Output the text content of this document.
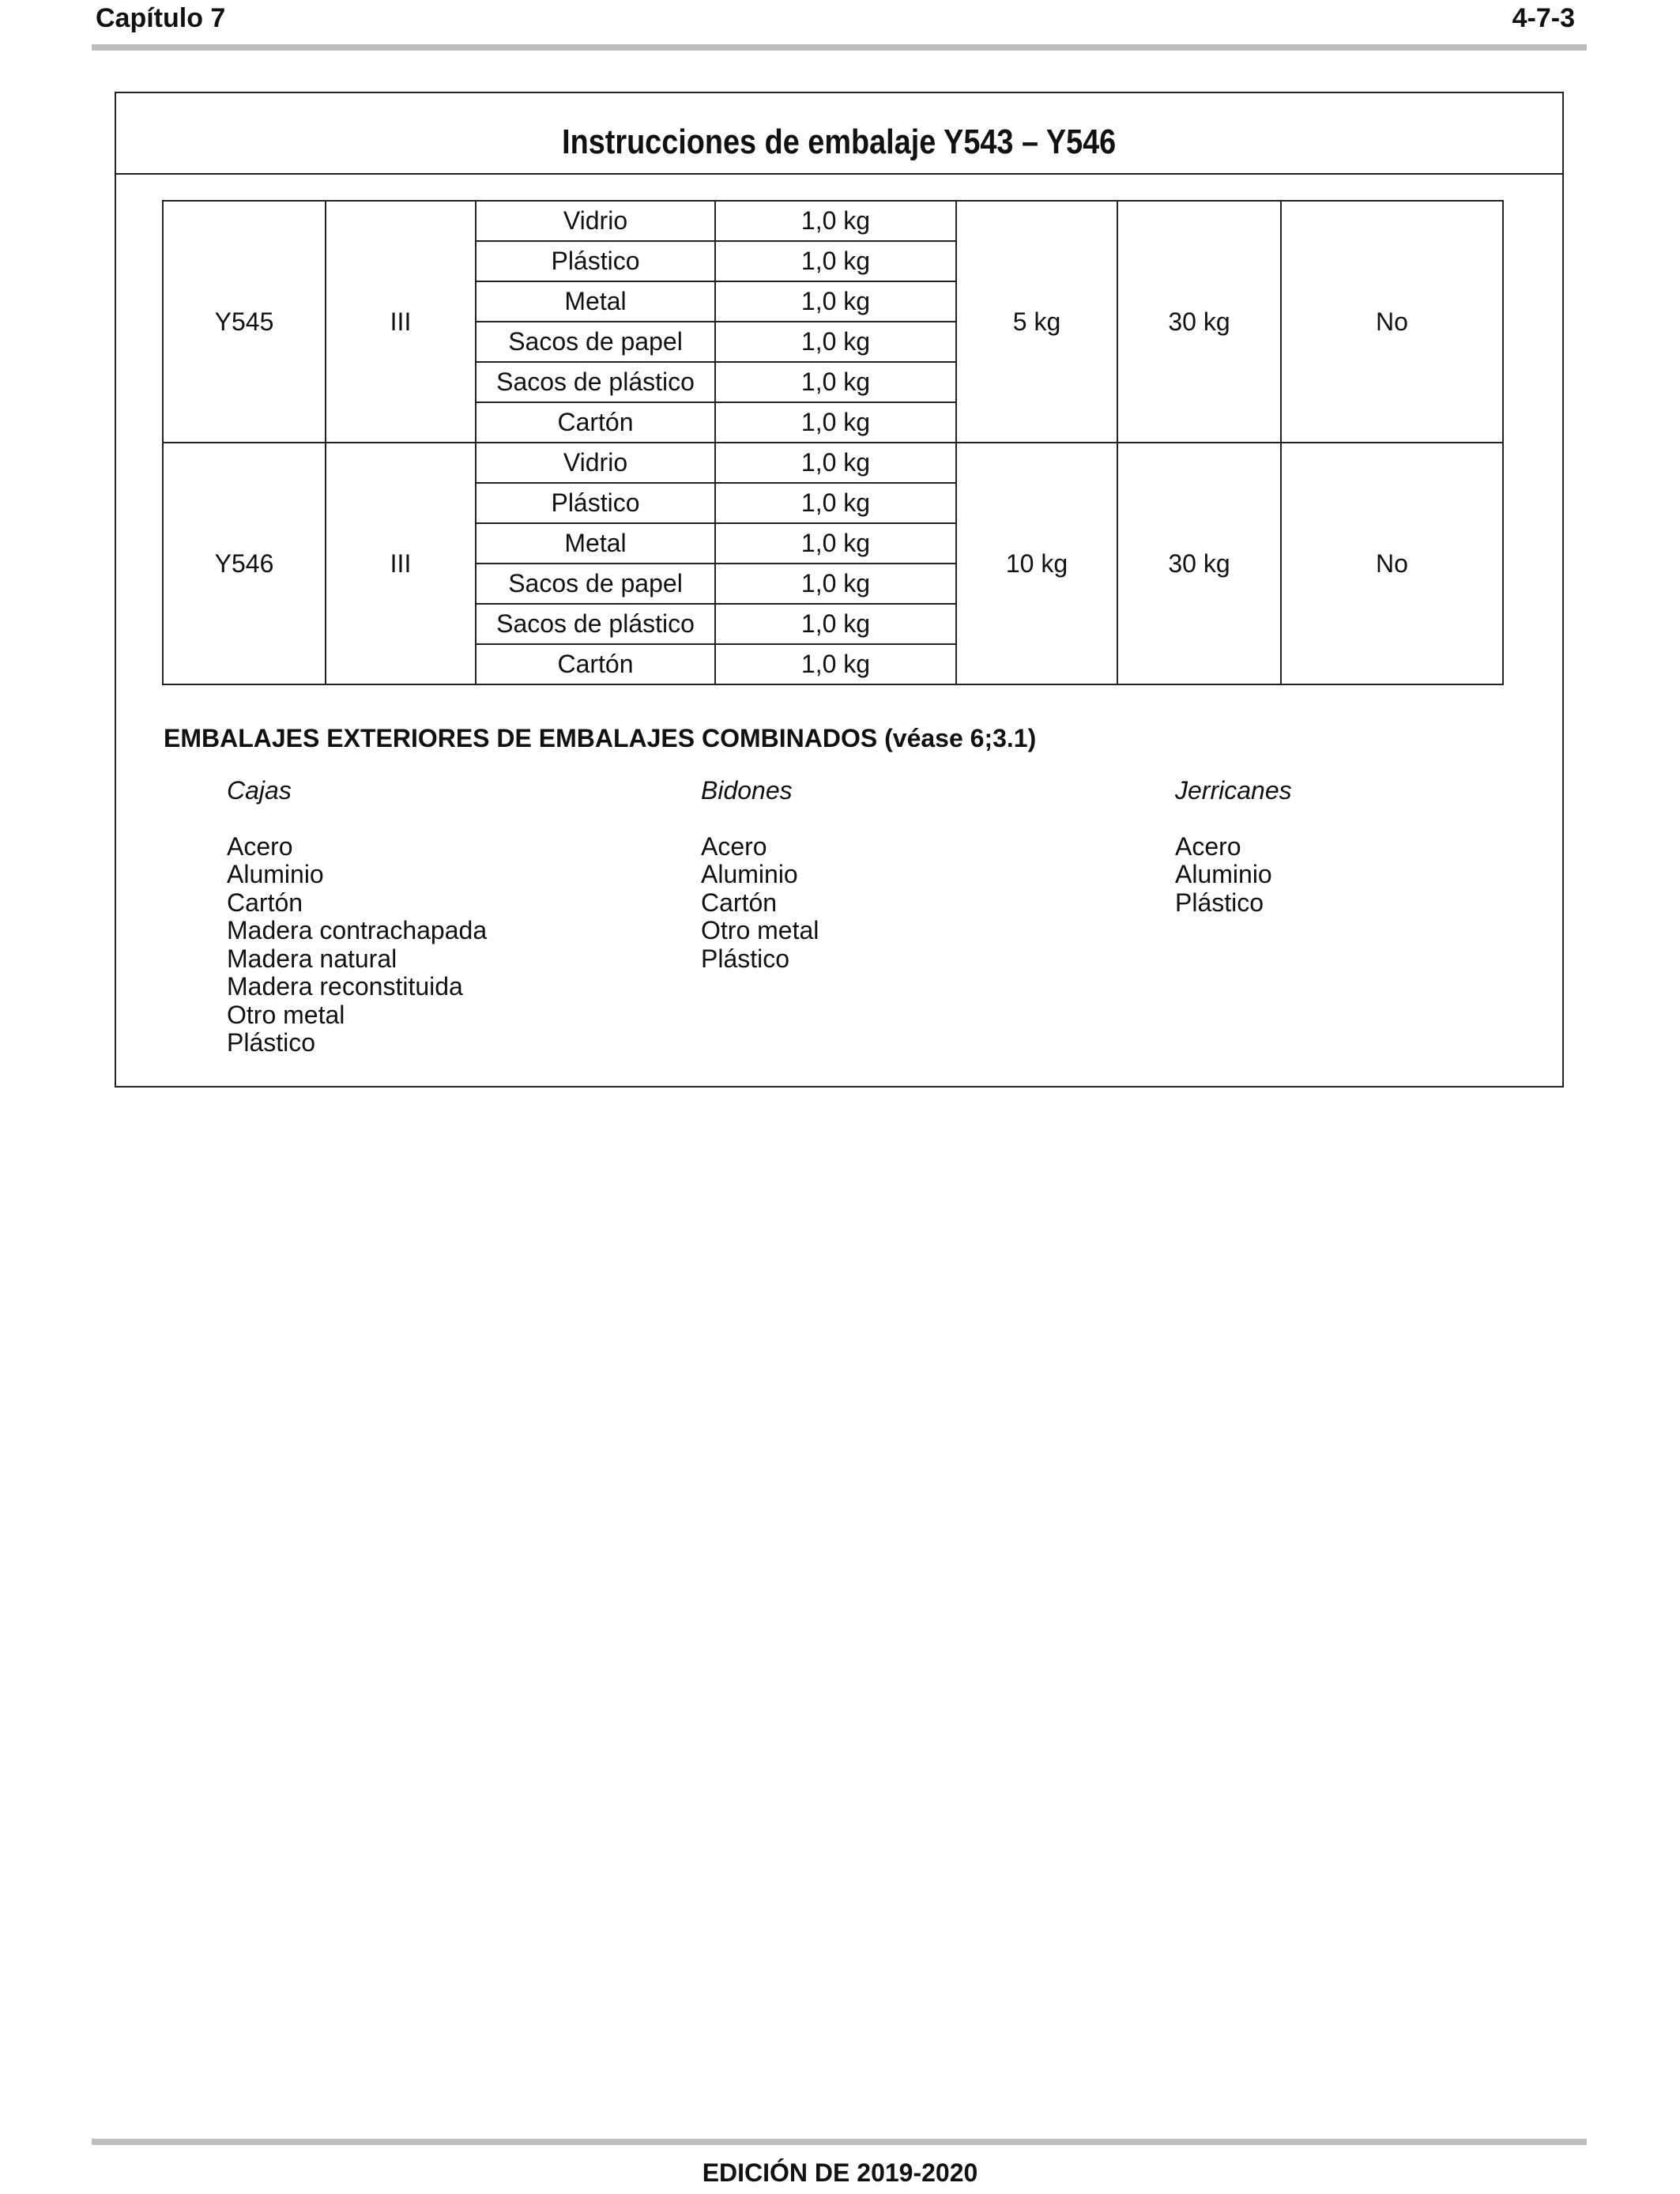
Capítulo 7	4-7-3
Instrucciones de embalaje Y543 – Y546
Y545	III	Vidrio	1,0 kg	5 kg	30 kg	No
		Plástico	1,0 kg			
		Metal	1,0 kg			
		Sacos de papel	1,0 kg			
		Sacos de plástico	1,0 kg			
		Cartón	1,0 kg			
Y546	III	Vidrio	1,0 kg	10 kg	30 kg	No
		Plástico	1,0 kg			
		Metal	1,0 kg			
		Sacos de papel	1,0 kg			
		Sacos de plástico	1,0 kg			
		Cartón	1,0 kg			
EMBALAJES EXTERIORES DE EMBALAJES COMBINADOS (véase 6;3.1)
Cajas
Acero
Aluminio
Cartón
Madera contrachapada
Madera natural
Madera reconstituida
Otro metal
Plástico
Bidones
Acero
Aluminio
Cartón
Otro metal
Plástico
Jerricanes
Acero
Aluminio
Plástico
EDICIÓN DE 2019-2020
